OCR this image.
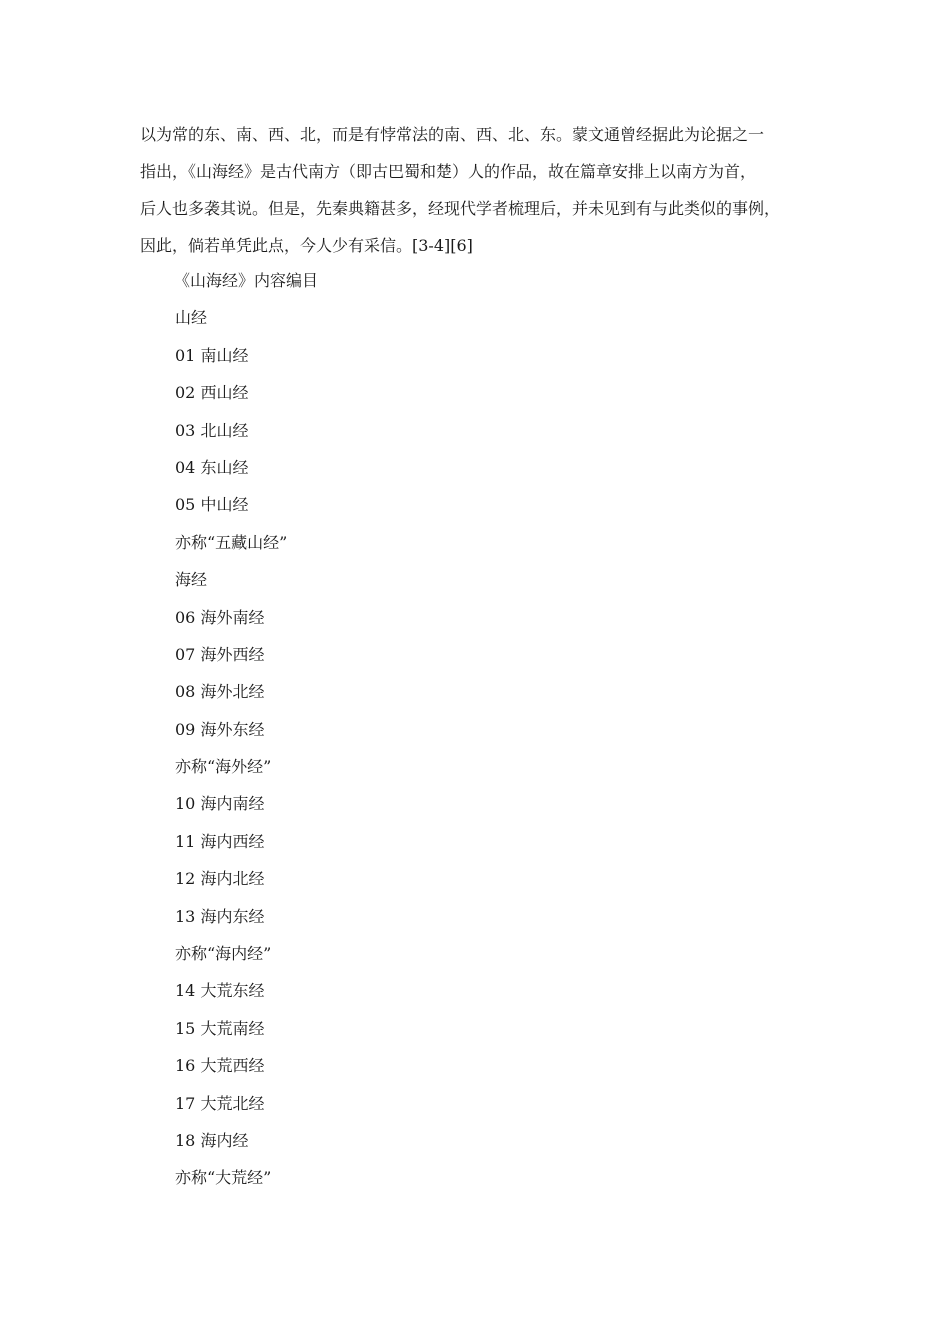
以为常的东、南、西、北，而是有悖常法的南、西、北、东。蒙文通曾经据此为论据之一
指出，《山海经》是古代南方（即古巴蜀和楚）人的作品，故在篇章安排上以南方为首，
后人也多袭其说。但是，先秦典籍甚多，经现代学者梳理后，并未见到有与此类似的事例，
因此，倘若单凭此点，今人少有采信。[3-4][6]
《山海经》内容编目
山经
01 南山经
02 西山经
03 北山经
04 东山经
05 中山经
亦称“五藏山经”
海经
06 海外南经
07 海外西经
08 海外北经
09 海外东经
亦称“海外经”
10 海内南经
11 海内西经
12 海内北经
13 海内东经
亦称“海内经”
14 大荒东经
15 大荒南经
16 大荒西经
17 大荒北经
18 海内经
亦称“大荒经”
